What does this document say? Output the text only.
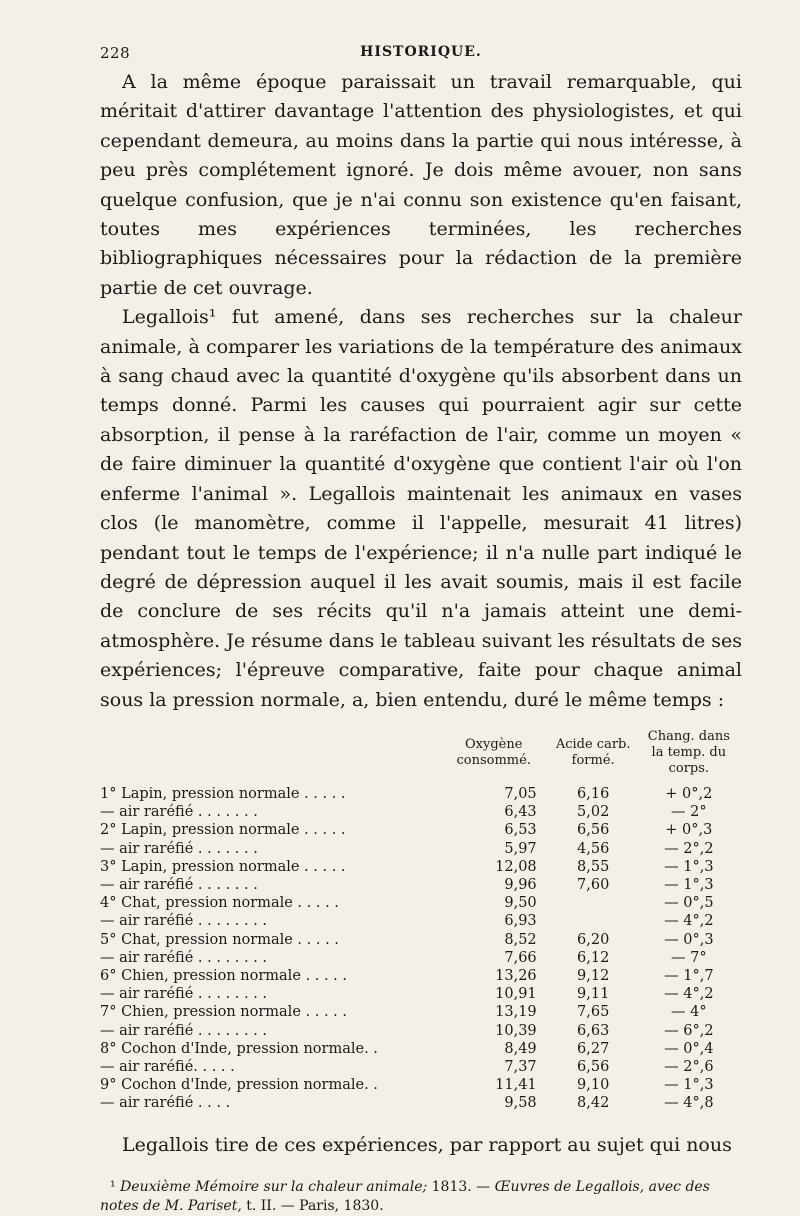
228	HISTORIQUE.

A la même époque paraissait un travail remarquable, qui méritait d'attirer davantage l'attention des physiologistes, et qui cependant demeura, au moins dans la partie qui nous intéresse, à peu près complétement ignoré. Je dois même avouer, non sans quelque confusion, que je n'ai connu son existence qu'en faisant, toutes mes expériences terminées, les recherches bibliographiques nécessaires pour la rédaction de la première partie de cet ouvrage.

Legallois¹ fut amené, dans ses recherches sur la chaleur animale, à comparer les variations de la température des animaux à sang chaud avec la quantité d'oxygène qu'ils absorbent dans un temps donné. Parmi les causes qui pourraient agir sur cette absorption, il pense à la raréfaction de l'air, comme un moyen « de faire diminuer la quantité d'oxygène que contient l'air où l'on enferme l'animal ». Legallois maintenait les animaux en vases clos (le manomètre, comme il l'appelle, mesurait 41 litres) pendant tout le temps de l'expérience; il n'a nulle part indiqué le degré de dépression auquel il les avait soumis, mais il est facile de conclure de ses récits qu'il n'a jamais atteint une demi-atmosphère. Je résume dans le tableau suivant les résultats de ses expériences; l'épreuve comparative, faite pour chaque animal sous la pression normale, a, bien entendu, duré le même temps :

	Oxygène
consommé.	Acide carb.
formé.	Chang. dans
la temp. du corps.
1° Lapin, pression normale . . . . .	7,05	6,16	+ 0°,2
— air raréfié . . . . . . .	6,43	5,02	— 2°
2° Lapin, pression normale . . . . .	6,53	6,56	+ 0°,3
— air raréfié . . . . . . .	5,97	4,56	— 2°,2
3° Lapin, pression normale . . . . .	12,08	8,55	— 1°,3
— air raréfié . . . . . . .	9,96	7,60	— 1°,3
4° Chat, pression normale . . . . .	9,50		— 0°,5
— air raréfié . . . . . . . .	6,93		— 4°,2
5° Chat, pression normale . . . . .	8,52	6,20	— 0°,3
— air raréfié . . . . . . . .	7,66	6,12	— 7°
6° Chien, pression normale . . . . .	13,26	9,12	— 1°,7
— air raréfié . . . . . . . .	10,91	9,11	— 4°,2
7° Chien, pression normale . . . . .	13,19	7,65	— 4°
— air raréfié . . . . . . . .	10,39	6,63	— 6°,2
8° Cochon d'Inde, pression normale. .	8,49	6,27	— 0°,4
— air raréfié. . . . .	7,37	6,56	— 2°,6
9° Cochon d'Inde, pression normale. .	11,41	9,10	— 1°,3
— air raréfié . . . .	9,58	8,42	— 4°,8

Legallois tire de ces expériences, par rapport au sujet qui nous

¹ Deuxième Mémoire sur la chaleur animale; 1813. — Œuvres de Legallois, avec des notes de M. Pariset, t. II. — Paris, 1830.
